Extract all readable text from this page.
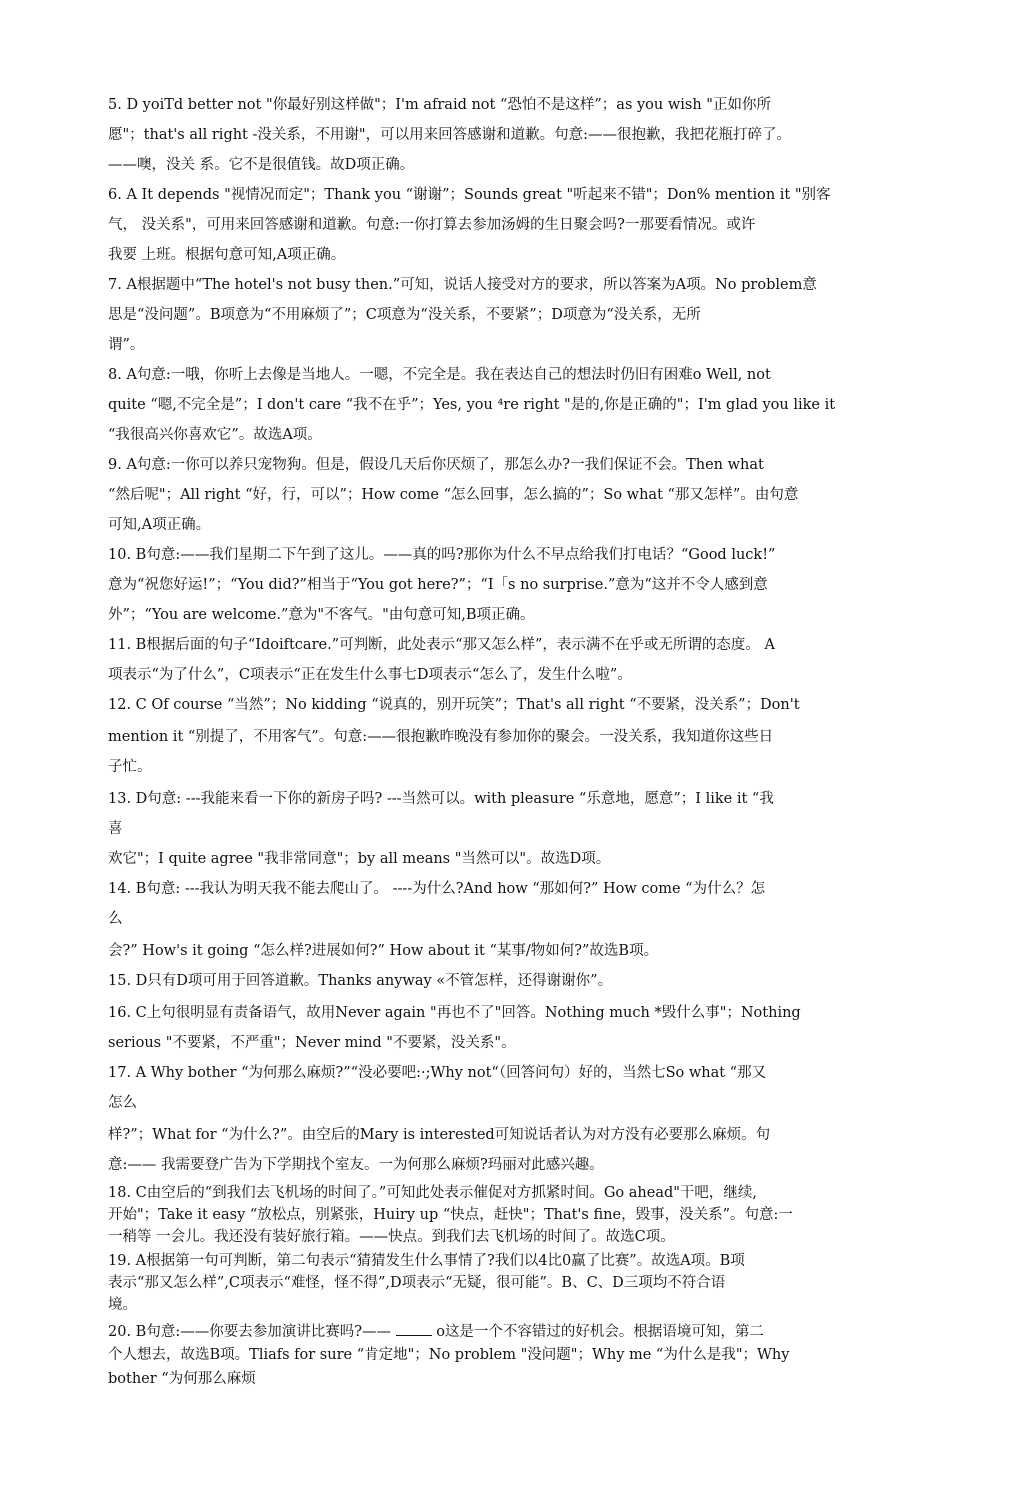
5. D yoiTd better not "你最好别这样做"；I'm afraid not “恐怕不是这样”；as you wish "正如你所
愿"；that's all right -没关系，不用谢"，可以用来回答感谢和道歉。句意:——很抱歉，我把花瓶打碎了。
——噢，没关 系。它不是很值钱。故D项正确。
6. A It depends "视情况而定"；Thank you “谢谢”；Sounds great "听起来不错"；Don% mention it "别客
气， 没关系"，可用来回答感谢和道歉。句意:一你打算去参加汤姆的生日聚会吗?一那要看情况。或许
我要 上班。根据句意可知,A项正确。
7. A根据题中“The hotel's not busy then.”可知，说话人接受对方的要求，所以答案为A项。No problem意
思是“没问题”。B项意为“不用麻烦了”；C项意为“没关系，不要紧”；D项意为“没关系，无所
谓”。
8. A句意:一哦，你听上去像是当地人。一嗯，不完全是。我在表达自己的想法时仍旧有困难o Well, not
quite “嗯,不完全是”；I don't care “我不在乎”；Yes, you ⁴re right "是的,你是正确的"；I'm glad you like it
“我很高兴你喜欢它”。故选A项。
9. A句意:一你可以养只宠物狗。但是，假设几天后你厌烦了，那怎么办?一我们保证不会。Then what
“然后呢"；All right “好，行，可以”；How come “怎么回事，怎么搞的”；So what “那又怎样”。由句意
可知,A项正确。
10. B句意:——我们星期二下午到了这儿。——真的吗?那你为什么不早点给我们打电话？“Good luck!”
意为“祝您好运!”；“You did?”相当于“You got here?”；“I「s no surprise.”意为“这并不令人感到意
外”；“You are welcome.”意为"不客气。"由句意可知,B项正确。
11. B根据后面的句子“Idoiftcare.”可判断，此处表示“那又怎么样”，表示满不在乎或无所谓的态度。 A
项表示“为了什么”，C项表示“正在发生什么事七D项表示“怎么了，发生什么啦”。
12. C Of course “当然”；No kidding “说真的，别开玩笑”；That's all right “不要紧，没关系”；Don't
mention it “别提了，不用客气”。句意:——很抱歉昨晚没有参加你的聚会。一没关系，我知道你这些日
子忙。
13. D句意: ---我能来看一下你的新房子吗? ---当然可以。with pleasure “乐意地，愿意”；I like it “我
喜
欢它"；I quite agree "我非常同意"；by all means "当然可以"。故选D项。
14. B句意: ---我认为明天我不能去爬山了。 ----为什么?And how “那如何?” How come “为什么？怎
么
会?” How's it going “怎么样?进展如何?” How about it “某事/物如何?”故选B项。
15. D只有D项可用于回答道歉。Thanks anyway «不管怎样，还得谢谢你”。
16. C上句很明显有责备语气，故用Never again "再也不了"回答。Nothing much *毁什么事"；Nothing
serious "不要紧，不严重"；Never mind "不要紧，没关系"。
17. A Why bother “为何那么麻烦?”“没必要吧:·;Why not“（回答问句）好的，当然七So what “那又
怎么
样?”；What for “为什么?”。由空后的Mary is interested可知说话者认为对方没有必要那么麻烦。句
意:—— 我需要登广告为下学期找个室友。一为何那么麻烦?玛丽对此感兴趣。
18. C由空后的“到我们去飞机场的时间了。”可知此处表示催促对方抓紧时间。Go ahead"干吧，继续,
开始"；Take it easy “放松点，别紧张，Huiry up “快点，赶快"；That's fine，毁事，没关系”。句意:一
一稍等 一会儿。我还没有装好旅行箱。——快点。到我们去飞机场的时间了。故选C项。
19. A根据第一句可判断，第二句表示“猜猜发生什么事情了?我们以4比0赢了比赛”。故选A项。B项
表示“那又怎么样”,C项表示“难怪，怪不得”,D项表示“无疑，很可能”。B、C、D三项均不符合语
境。
20. B句意:——你要去参加演讲比赛吗?——	o这是一个不容错过的好机会。根据语境可知，第二
个人想去，故选B项。Tliafs for sure “肯定地"；No problem "没问题"；Why me “为什么是我"；Why
bother “为何那么麻烦
